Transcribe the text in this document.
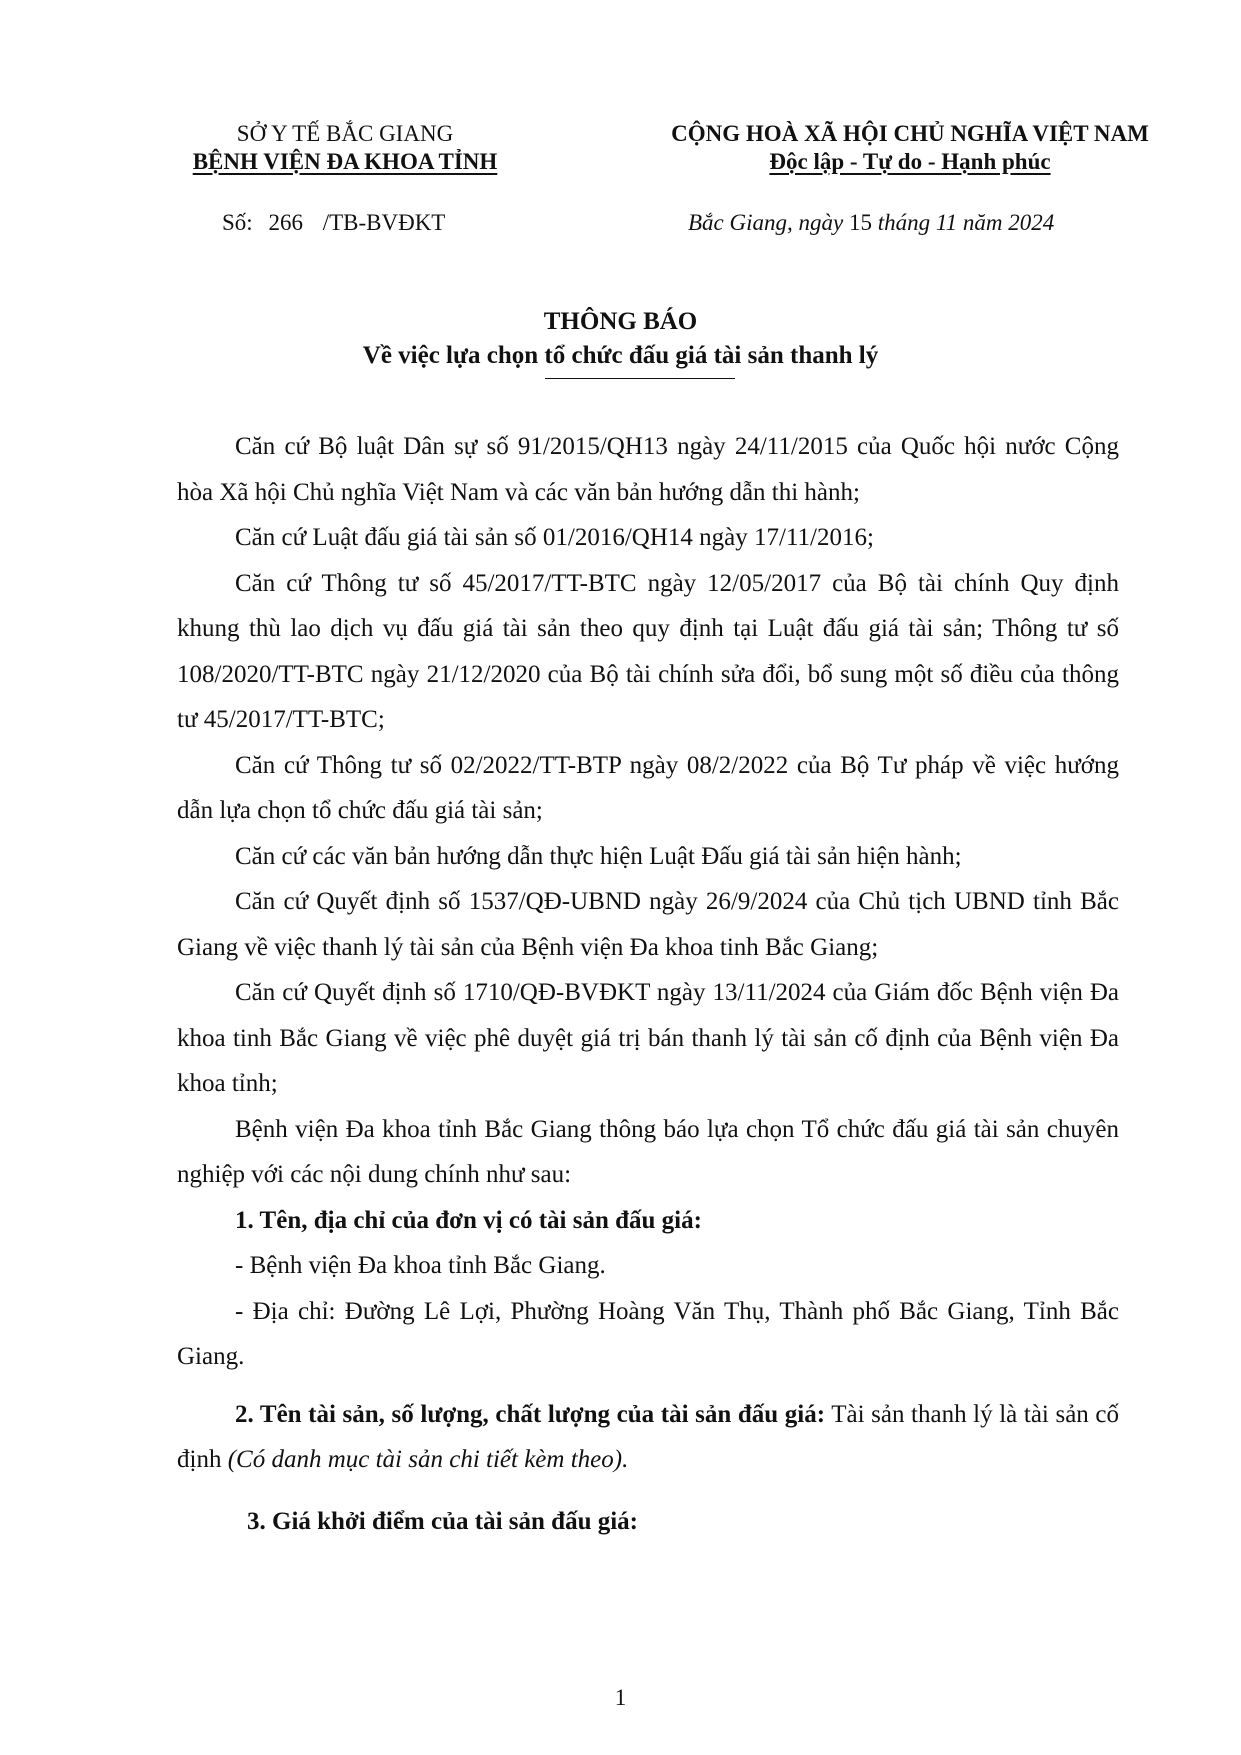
SỞ Y TẾ BẮC GIANG
BỆNH VIỆN ĐA KHOA TỈNH
CỘNG HOÀ XÃ HỘI CHỦ NGHĨA VIỆT NAM
Độc lập - Tự do - Hạnh phúc
Số: 266 /TB-BVĐKT	Bắc Giang, ngày 15 tháng 11 năm 2024
THÔNG BÁO
Về việc lựa chọn tổ chức đấu giá tài sản thanh lý

Căn cứ Bộ luật Dân sự số 91/2015/QH13 ngày 24/11/2015 của Quốc hội nước Cộng hòa Xã hội Chủ nghĩa Việt Nam và các văn bản hướng dẫn thi hành;

Căn cứ Luật đấu giá tài sản số 01/2016/QH14 ngày 17/11/2016;

Căn cứ Thông tư số 45/2017/TT-BTC ngày 12/05/2017 của Bộ tài chính Quy định khung thù lao dịch vụ đấu giá tài sản theo quy định tại Luật đấu giá tài sản; Thông tư số 108/2020/TT-BTC ngày 21/12/2020 của Bộ tài chính sửa đổi, bổ sung một số điều của thông tư 45/2017/TT-BTC;

Căn cứ Thông tư số 02/2022/TT-BTP ngày 08/2/2022 của Bộ Tư pháp về việc hướng dẫn lựa chọn tổ chức đấu giá tài sản;

Căn cứ các văn bản hướng dẫn thực hiện Luật Đấu giá tài sản hiện hành;

Căn cứ Quyết định số 1537/QĐ-UBND ngày 26/9/2024 của Chủ tịch UBND tỉnh Bắc Giang về việc thanh lý tài sản của Bệnh viện Đa khoa tinh Bắc Giang;

Căn cứ Quyết định số 1710/QĐ-BVĐKT ngày 13/11/2024 của Giám đốc Bệnh viện Đa khoa tinh Bắc Giang về việc phê duyệt giá trị bán thanh lý tài sản cố định của Bệnh viện Đa khoa tỉnh;

Bệnh viện Đa khoa tỉnh Bắc Giang thông báo lựa chọn Tổ chức đấu giá tài sản chuyên nghiệp với các nội dung chính như sau:

1. Tên, địa chỉ của đơn vị có tài sản đấu giá:

- Bệnh viện Đa khoa tỉnh Bắc Giang.

- Địa chỉ: Đường Lê Lợi, Phường Hoàng Văn Thụ, Thành phố Bắc Giang, Tỉnh Bắc Giang.

2. Tên tài sản, số lượng, chất lượng của tài sản đấu giá: Tài sản thanh lý là tài sản cố định (Có danh mục tài sản chi tiết kèm theo).

3. Giá khởi điểm của tài sản đấu giá:

1
